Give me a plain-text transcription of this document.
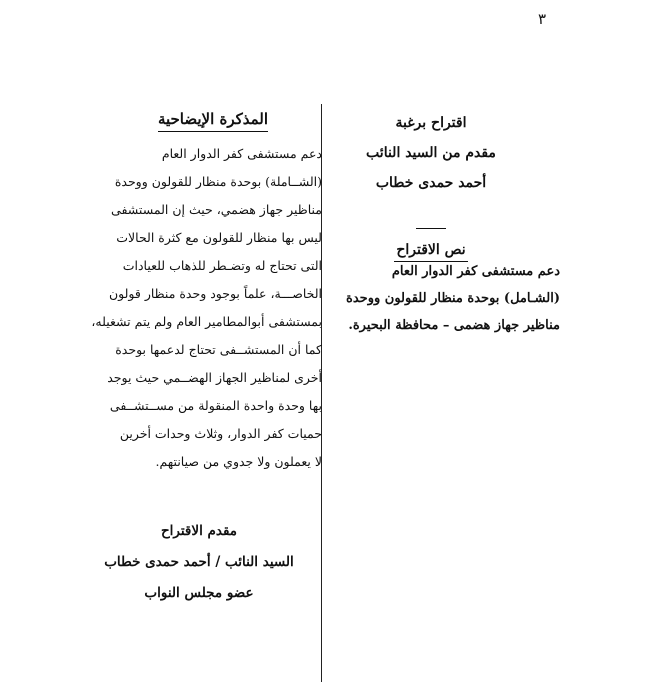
٣
اقتراح برغبة
مقدم من السيد النائب
أحمد حمدى خطاب
نص الاقتراح
دعم مستشفى كفر الدوار العام
(الشـامل) بوحدة منظار للقولون ووحدة
مناظير جهاز هضمى – محافظة البحيرة.
المذكرة الإيضاحية
دعم مستشفى كفر الدوار العام
(الشــاملة) بوحدة منظار للقولون ووحدة
مناظير جهاز هضمي، حيث إن المستشفى
ليس بها منظار للقولون مع كثرة الحالات
التى تحتاج له وتضـطر للذهاب للعيادات
الخاصـــة، علماً بوجود وحدة منظار قولون
بمستشفى أبوالمطامير العام ولم يتم تشغيله،
كما أن المستشــفى تحتاج لدعمها بوحدة
أخرى لمناظير الجهاز الهضــمي حيث يوجد
بها وحدة واحدة المنقولة من مســتشــفى
حميات كفر الدوار، وثلاث وحدات أخرين
لا يعملون ولا جدوي من صيانتهم.
مقدم الاقتراح
السيد النائب / أحمد حمدى خطاب
عضو مجلس النواب
